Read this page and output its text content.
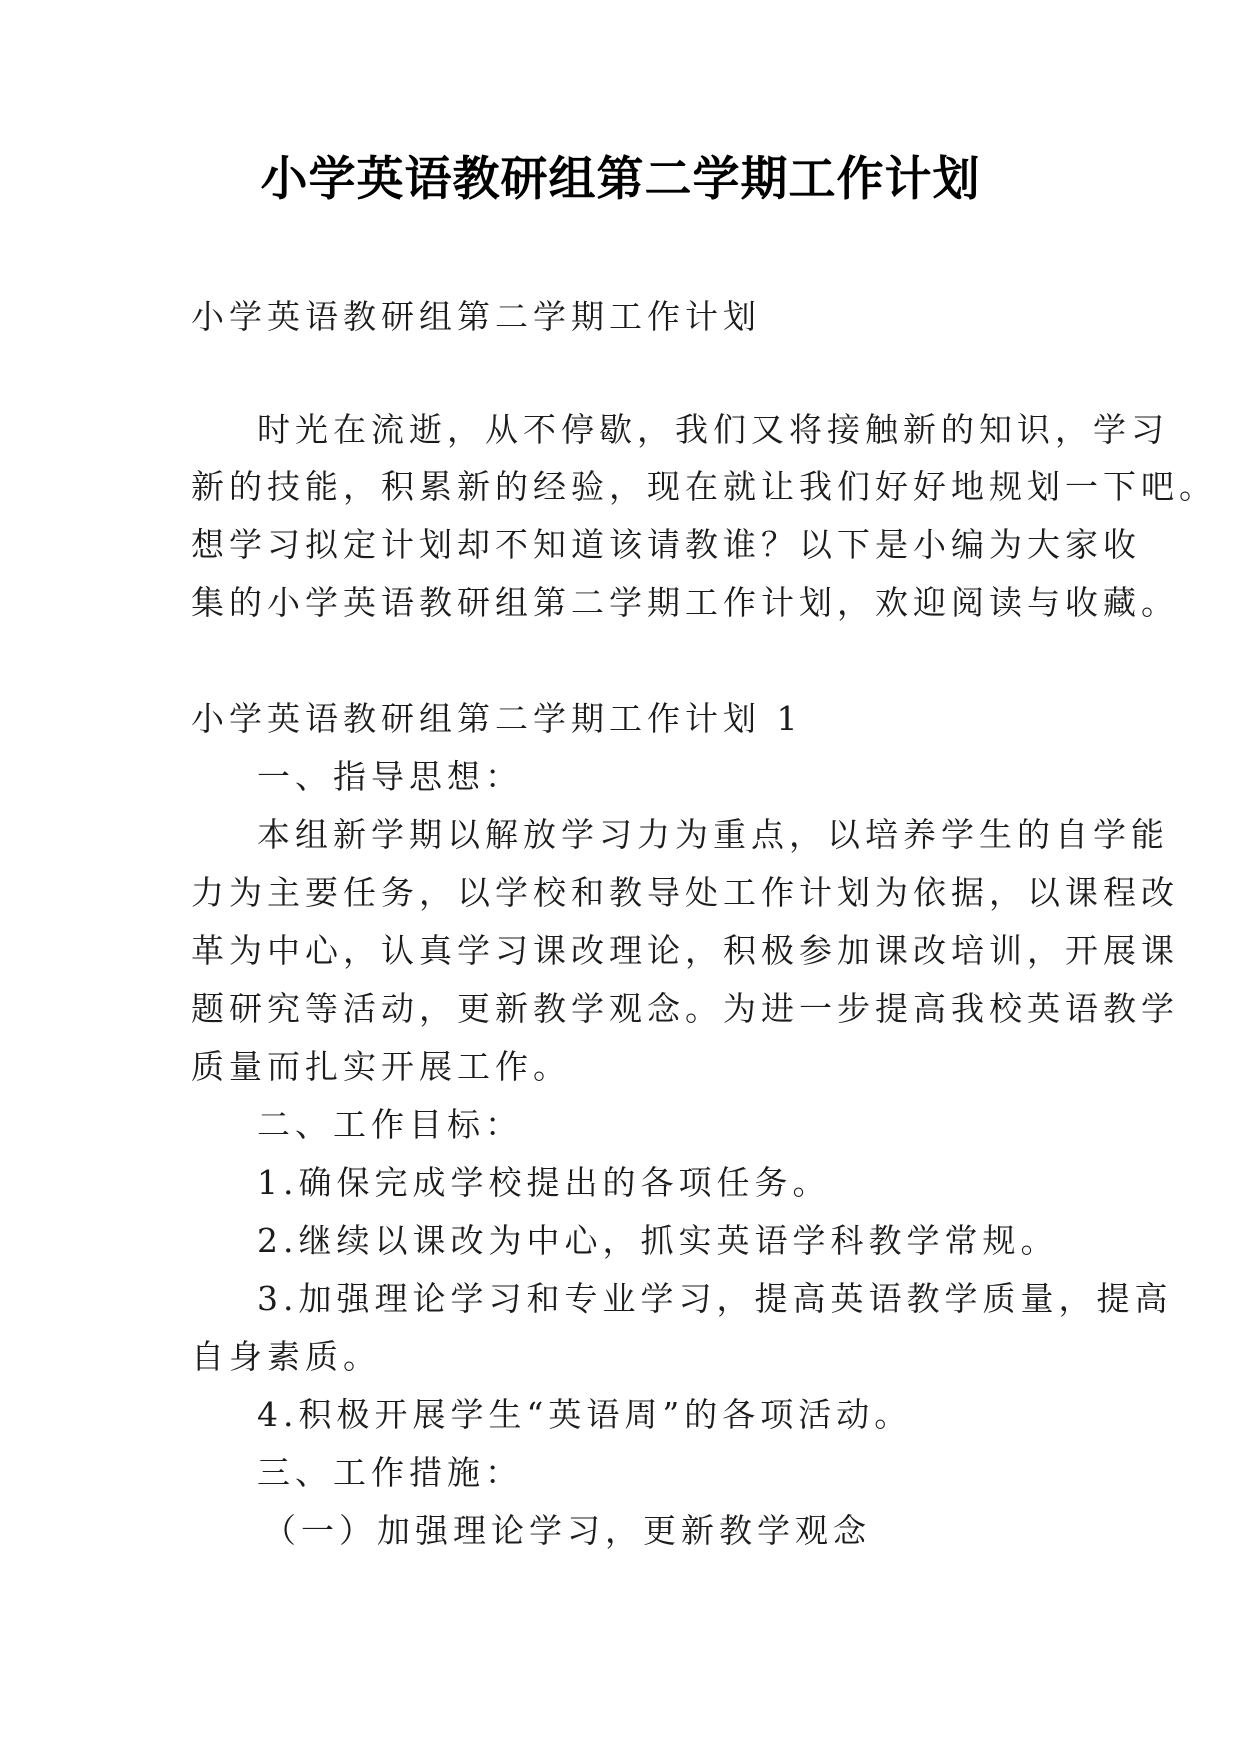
小学英语教研组第二学期工作计划
小学英语教研组第二学期工作计划
时光在流逝，从不停歇，我们又将接触新的知识，学习
新的技能，积累新的经验，现在就让我们好好地规划一下吧。
想学习拟定计划却不知道该请教谁？以下是小编为大家收
集的小学英语教研组第二学期工作计划，欢迎阅读与收藏。
小学英语教研组第二学期工作计划 1
一、指导思想：
本组新学期以解放学习力为重点，以培养学生的自学能
力为主要任务，以学校和教导处工作计划为依据，以课程改
革为中心，认真学习课改理论，积极参加课改培训，开展课
题研究等活动，更新教学观念。为进一步提高我校英语教学
质量而扎实开展工作。
二、工作目标：
1.确保完成学校提出的各项任务。
2.继续以课改为中心，抓实英语学科教学常规。
3.加强理论学习和专业学习，提高英语教学质量，提高
自身素质。
4.积极开展学生“英语周”的各项活动。
三、工作措施：
（一）加强理论学习，更新教学观念
